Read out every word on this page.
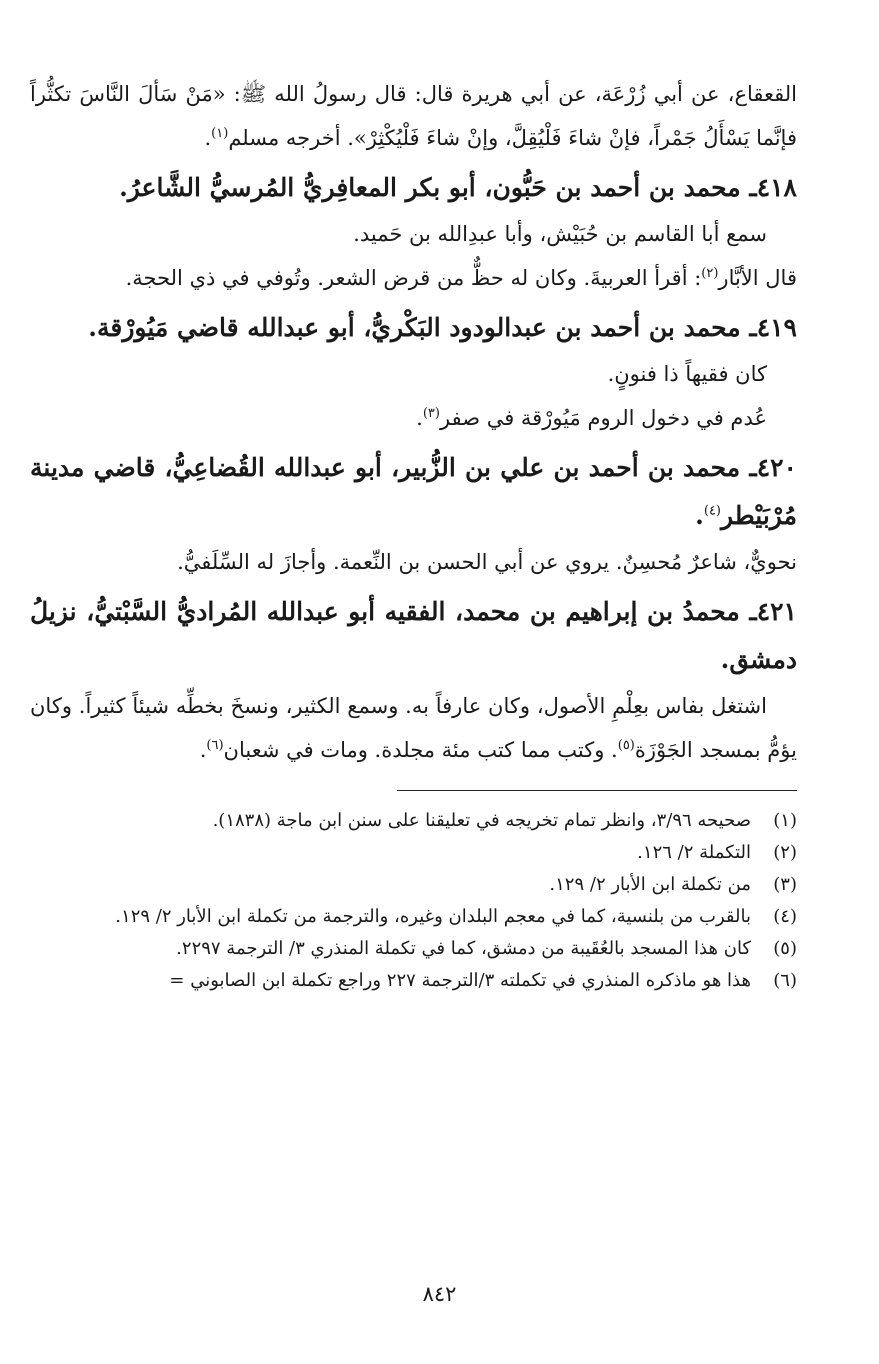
القعقاع، عن أبي زُرْعَة، عن أبي هريرة قال: قال رسولُ الله ﷺ: «مَنْ سَألَ النَّاسَ تكثُّراً فإنَّما يَسْأَلُ جَمْراً، فإنْ شاءَ فَلْيُقِلَّ، وإنْ شاءَ فَلْيُكْثِرْ». أخرجه مسلم$^{(١)}$.

٤١٨ـ محمد بن أحمد بن حَبُّون، أبو بكر المعافِريُّ المُرسيُّ الشَّاعرُ.

سمع أبا القاسم بن حُبَيْش، وأبا عبدِالله بن حَميد.

قال الأبَّار$^{(٢)}$: أقرأ العربيةَ. وكان له حظٌّ من قرض الشعر. وتُوفي في ذي الحجة.

٤١٩ـ محمد بن أحمد بن عبدالودود البَكْريُّ، أبو عبدالله قاضي مَيُورْقة.

كان فقيهاً ذا فنونٍ.

عُدم في دخول الروم مَيُورْقة في صفر$^{(٣)}$.

٤٢٠ـ محمد بن أحمد بن علي بن الزُّبير، أبو عبدالله القُضاعِيُّ، قاضي مدينة مُرْبَيْطر$^{(٤)}$.

نحويٌّ، شاعرٌ مُحسِنٌ. يروي عن أبي الحسن بن النِّعمة. وأجازَ له السِّلَفيُّ.

٤٢١ـ محمدُ بن إبراهيم بن محمد، الفقيه أبو عبدالله المُراديُّ السَّبْتيُّ، نزيلُ دمشق.

اشتغل بفاس بعِلْمِ الأصول، وكان عارفاً به. وسمع الكثير، ونسخَ بخطِّه شيئاً كثيراً. وكان يؤمُّ بمسجد الجَوْزَة$^{(٥)}$. وكتب مما كتب مئة مجلدة. ومات في شعبان$^{(٦)}$.

(١)
صحيحه ٣/٩٦، وانظر تمام تخريجه في تعليقنا على سنن ابن ماجة (١٨٣٨).
(٢)
التكملة ٢/ ١٢٦.
(٣)
من تكملة ابن الأبار ٢/ ١٢٩.
(٤)
بالقرب من بلنسية، كما في معجم البلدان وغيره، والترجمة من تكملة ابن الأبار ٢/ ١٢٩.
(٥)
كان هذا المسجد بالعُقَيبة من دمشق، كما في تكملة المنذري ٣/ الترجمة ٢٢٩٧.
(٦)
هذا هو ماذكره المنذري في تكملته ٣/الترجمة ٢٢٧ وراجع تكملة ابن الصابوني =
٨٤٢
